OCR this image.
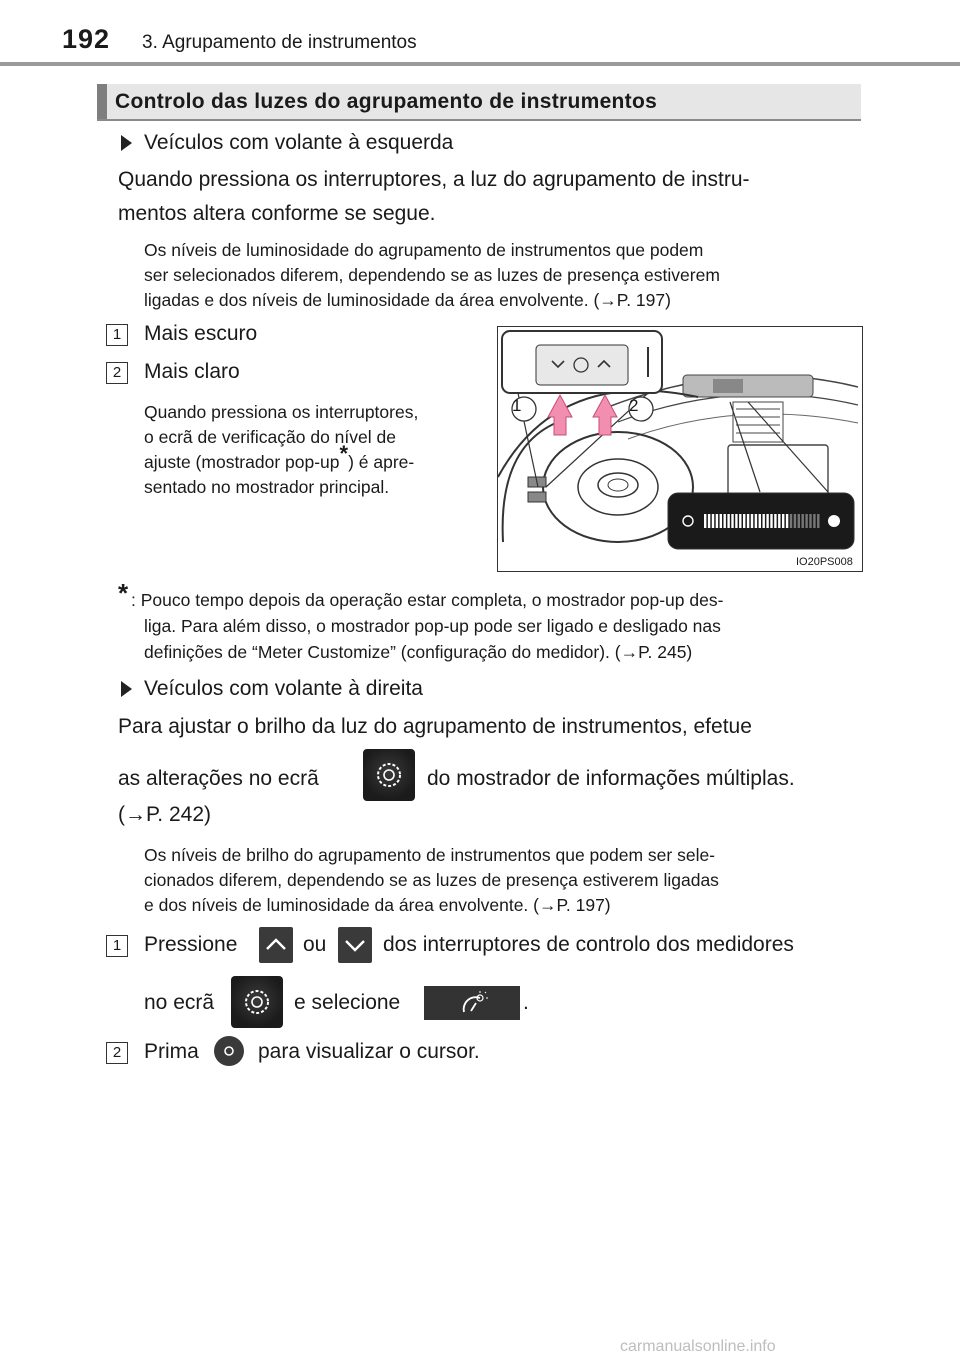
192 3. Agrupamento de instrumentos
Controlo das luzes do agrupamento de instrumentos
Veículos com volante à esquerda
Quando pressiona os interruptores, a luz do agrupamento de instru-
mentos altera conforme se segue.
Os níveis de luminosidade do agrupamento de instrumentos que podem
ser selecionados diferem, dependendo se as luzes de presença estiverem
ligadas e dos níveis de luminosidade da área envolvente. (→P. 197)
1	Mais escuro
2	Mais claro
Quando pressiona os interruptores,
o ecrã de verificação do nível de
ajuste (mostrador pop-up*) é apre-
sentado no mostrador principal.
1	2
IO20PS008
* : Pouco tempo depois da operação estar completa, o mostrador pop-up des-
liga. Para além disso, o mostrador pop-up pode ser ligado e desligado nas
definições de “Meter Customize” (configuração do medidor). (→P. 245)
Veículos com volante à direita
Para ajustar o brilho da luz do agrupamento de instrumentos, efetue
as alterações no ecrã	do mostrador de informações múltiplas.
(→P. 242)
Os níveis de brilho do agrupamento de instrumentos que podem ser sele-
cionados diferem, dependendo se as luzes de presença estiverem ligadas
e dos níveis de luminosidade da área envolvente. (→P. 197)
1	Pressione	ou	dos interruptores de controlo dos medidores
no ecrã	e selecione	.
2	Prima	para visualizar o cursor.
carmanualsonline.info
